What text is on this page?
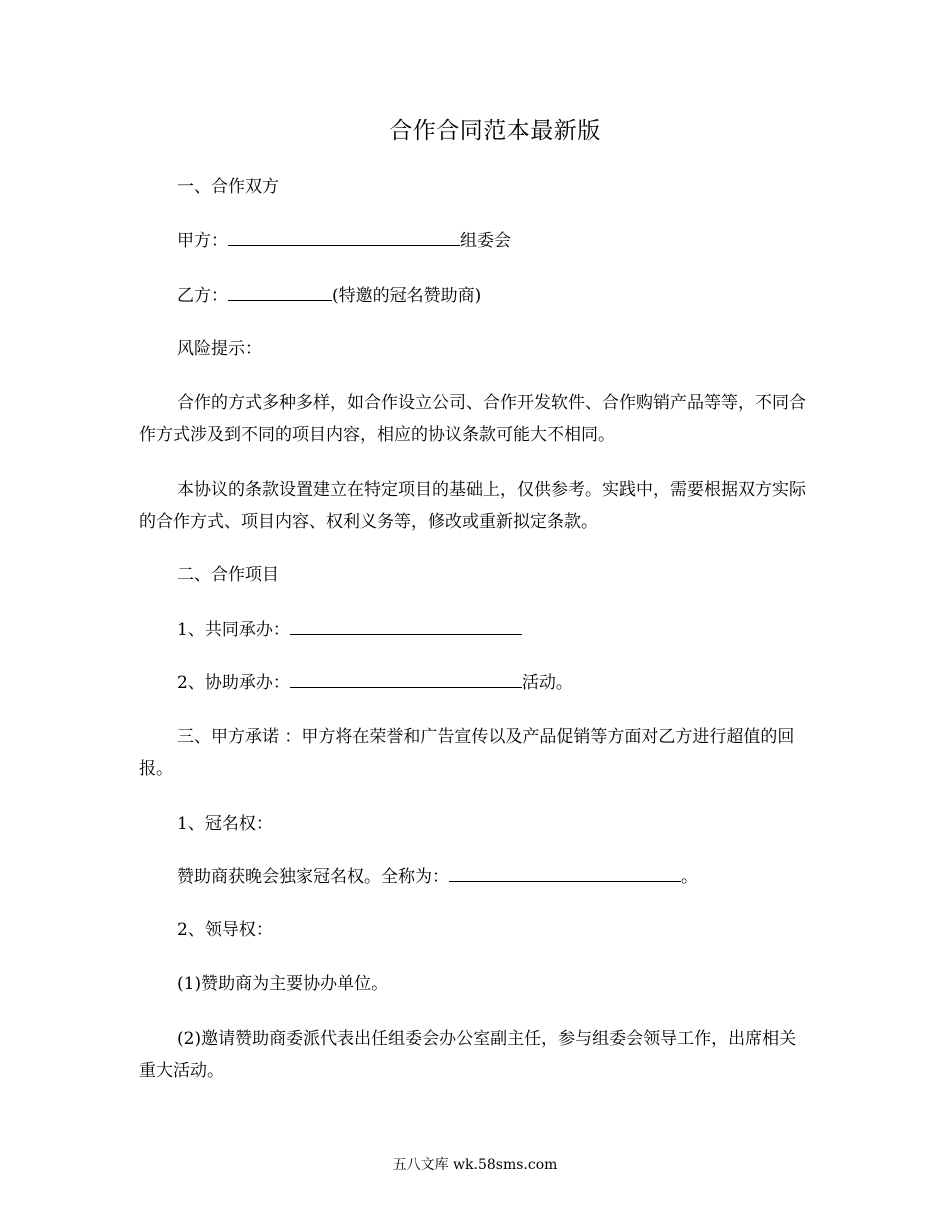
合作合同范本最新版

一、合作双方

甲方：	组委会

乙方：	(特邀的冠名赞助商)

风险提示：

合作的方式多种多样，如合作设立公司、合作开发软件、合作购销产品等等，不同合作方式涉及到不同的项目内容，相应的协议条款可能大不相同。

本协议的条款设置建立在特定项目的基础上，仅供参考。实践中，需要根据双方实际的合作方式、项目内容、权利义务等，修改或重新拟定条款。

二、合作项目

1、共同承办：

2、协助承办：	活动。

三、甲方承诺 ：甲方将在荣誉和广告宣传以及产品促销等方面对乙方进行超值的回报。

1、冠名权：

赞助商获晚会独家冠名权。全称为：	。

2、领导权：

(1)赞助商为主要协办单位。

(2)邀请赞助商委派代表出任组委会办公室副主任，参与组委会领导工作，出席相关重大活动。

五八文库 wk.58sms.com
